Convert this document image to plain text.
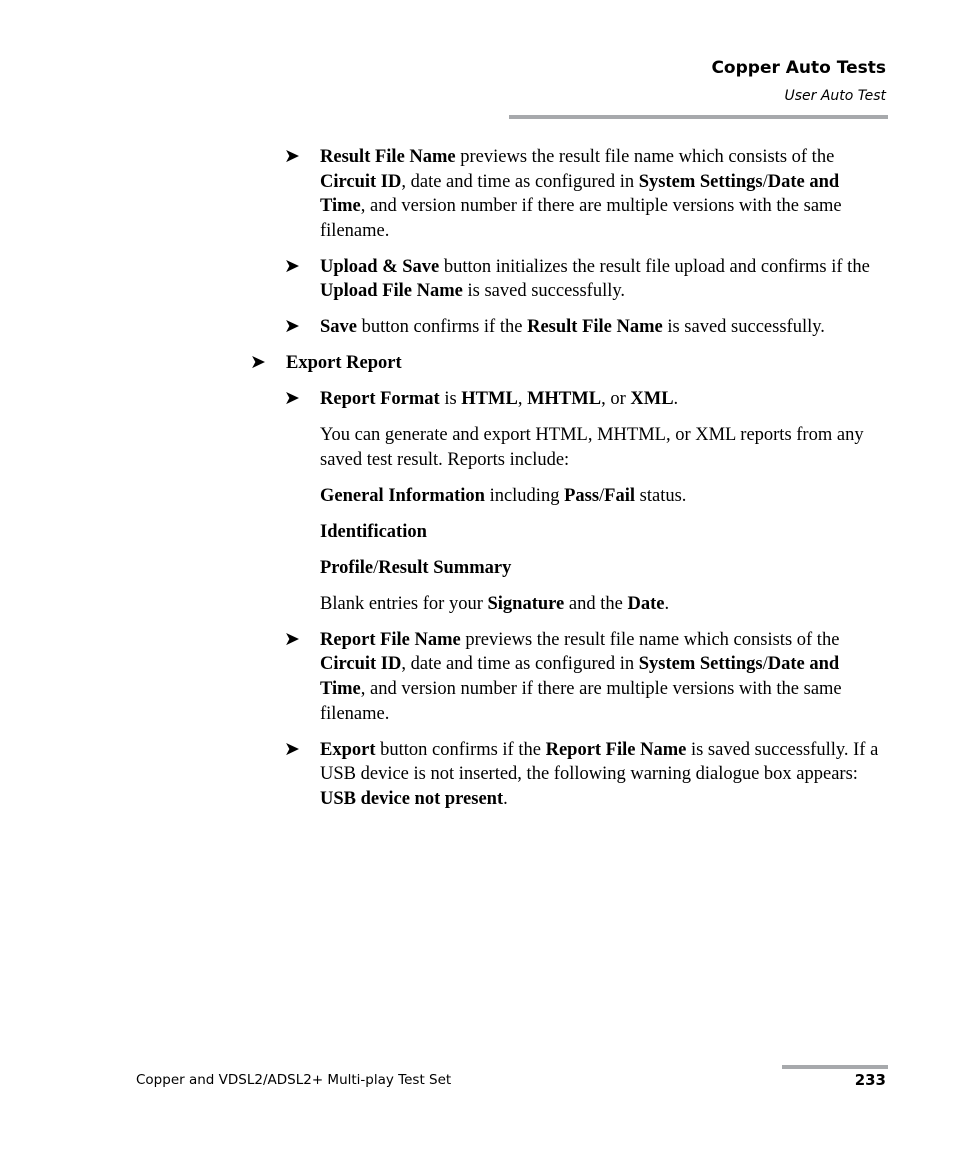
Copper Auto Tests
User Auto Test
➤ Result File Name previews the result file name which consists of the Circuit ID, date and time as configured in System Settings/Date and Time, and version number if there are multiple versions with the same filename.
➤ Upload & Save button initializes the result file upload and confirms if the Upload File Name is saved successfully.
➤ Save button confirms if the Result File Name is saved successfully.
➤ Export Report
➤ Report Format is HTML, MHTML, or XML.
You can generate and export HTML, MHTML, or XML reports from any saved test result. Reports include:
General Information including Pass/Fail status.
Identification
Profile/Result Summary
Blank entries for your Signature and the Date.
➤ Report File Name previews the result file name which consists of the Circuit ID, date and time as configured in System Settings/Date and Time, and version number if there are multiple versions with the same filename.
➤ Export button confirms if the Report File Name is saved successfully. If a USB device is not inserted, the following warning dialogue box appears: USB device not present.
Copper and VDSL2/ADSL2+ Multi-play Test Set	233
